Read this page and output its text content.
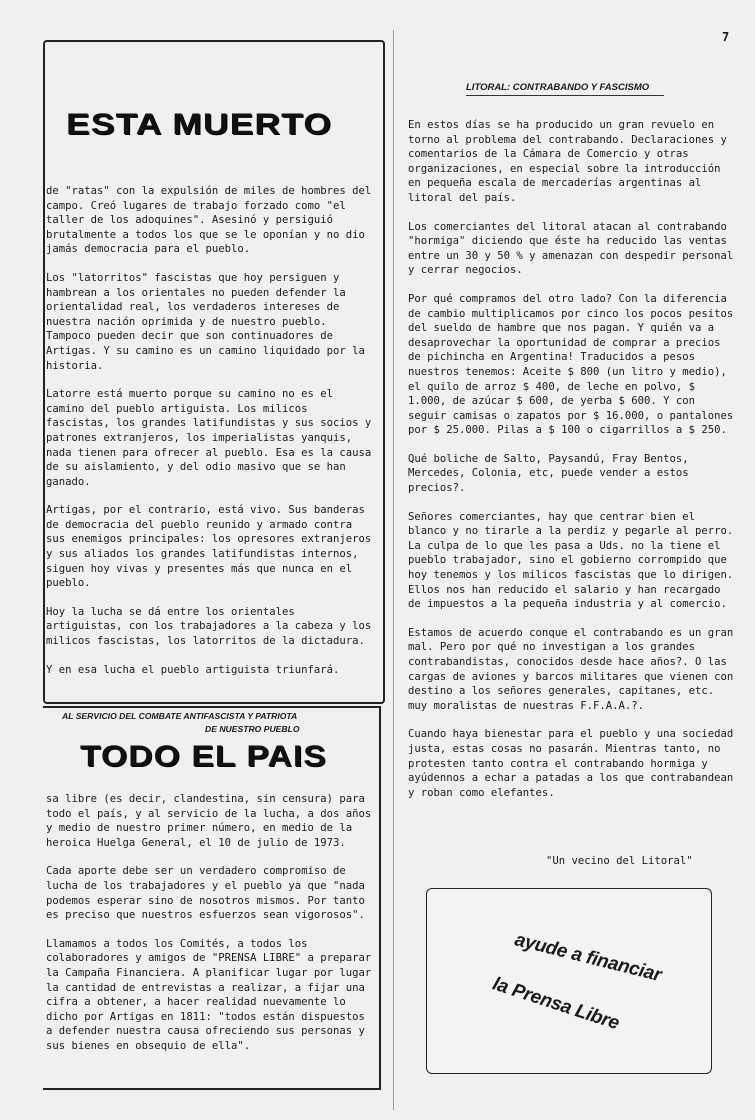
7
ESTA MUERTO

de "ratas" con la expulsión de miles de hombres del campo. Creó lugares de trabajo forzado como "el taller de los adoquines". Asesinó y persiguió brutalmente a todos los que se le oponían y no dio jamás democracia para el pueblo.

Los "latorritos" fascistas que hoy persiguen y hambrean a los orientales no pueden defender la orientalidad real, los verdaderos intereses de nuestra nación oprimida y de nuestro pueblo. Tampoco pueden decir que son continuadores de Artigas. Y su camino es un camino liquidado por la historia.

Latorre está muerto porque su camino no es el camino del pueblo artiguista. Los milicos fascistas, los grandes latifundistas y sus socios y patrones extranjeros, los imperialistas yanquis, nada tienen para ofrecer al pueblo. Esa es la causa de su aislamiento, y del odio masivo que se han ganado.

Artigas, por el contrario, está vivo. Sus banderas de democracia del pueblo reunido y armado contra sus enemigos principales: los opresores extranjeros y sus aliados los grandes latifundistas internos, siguen hoy vivas y presentes más que nunca en el pueblo.

Hoy la lucha se dá entre los orientales artiguistas, con los trabajadores a la cabeza y los milicos fascistas, los latorritos de la dictadura.

Y en esa lucha el pueblo artiguista triunfará.

AL SERVICIO DEL COMBATE ANTIFASCISTA Y PATRIOTA
DE NUESTRO PUEBLO
TODO EL PAIS

sa libre (es decir, clandestina, sin censura) para todo el país, y al servicio de la lucha, a dos años y medio de nuestro primer número, en medio de la heroica Huelga General, el 10 de julio de 1973.

Cada aporte debe ser un verdadero compromiso de lucha de los trabajadores y el pueblo ya que "nada podemos esperar sino de nosotros mismos. Por tanto es preciso que nuestros esfuerzos sean vigorosos".

Llamamos a todos los Comités, a todos los colaboradores y amigos de "PRENSA LIBRE" a preparar la Campaña Financiera. A planificar lugar por lugar la cantidad de entrevistas a realizar, a fijar una cifra a obtener, a hacer realidad nuevamente lo dicho por Artigas en 1811: "todos están dispuestos a defender nuestra causa ofreciendo sus personas y sus bienes en obsequio de ella".

LITORAL: CONTRABANDO Y FASCISMO

En estos días se ha producido un gran revuelo en torno al problema del contrabando. Declaraciones y comentarios de la Cámara de Comercio y otras organizaciones, en especial sobre la introducción en pequeña escala de mercaderías argentinas al litoral del país.

Los comerciantes del litoral atacan al contrabando "hormiga" diciendo que éste ha reducido las ventas entre un 30 y 50 % y amenazan con despedir personal y cerrar negocios.

Por qué compramos del otro lado? Con la diferencia de cambio multiplicamos por cinco los pocos pesitos del sueldo de hambre que nos pagan. Y quién va a desaprovechar la oportunidad de comprar a precios de pichincha en Argentina! Traducidos a pesos nuestros tenemos: Aceite $ 800 (un litro y medio), el quilo de arroz $ 400, de leche en polvo, $ 1.000, de azúcar $ 600, de yerba $ 600. Y con seguir camisas o zapatos por $ 16.000, o pantalones por $ 25.000. Pilas a $ 100 o cigarrillos a $ 250.

Qué boliche de Salto, Paysandú, Fray Bentos, Mercedes, Colonia, etc, puede vender a estos precios?.

Señores comerciantes, hay que centrar bien el blanco y no tirarle a la perdiz y pegarle al perro. La culpa de lo que les pasa a Uds. no la tiene el pueblo trabajador, sino el gobierno corrompido que hoy tenemos y los milicos fascistas que lo dirigen. Ellos nos han reducido el salario y han recargado de impuestos a la pequeña industria y al comercio.

Estamos de acuerdo conque el contrabando es un gran mal. Pero por qué no investigan a los grandes contrabandistas, conocidos desde hace años?. O las cargas de aviones y barcos militares que vienen con destino a los señores generales, capitanes, etc. muy moralistas de nuestras F.F.A.A.?.

Cuando haya bienestar para el pueblo y una sociedad justa, estas cosas no pasarán. Mientras tanto, no protesten tanto contra el contrabando hormiga y ayúdennos a echar a patadas a los que contrabandean y roban como elefantes.

"Un vecino del Litoral"
ayude a financiar
la Prensa Libre
